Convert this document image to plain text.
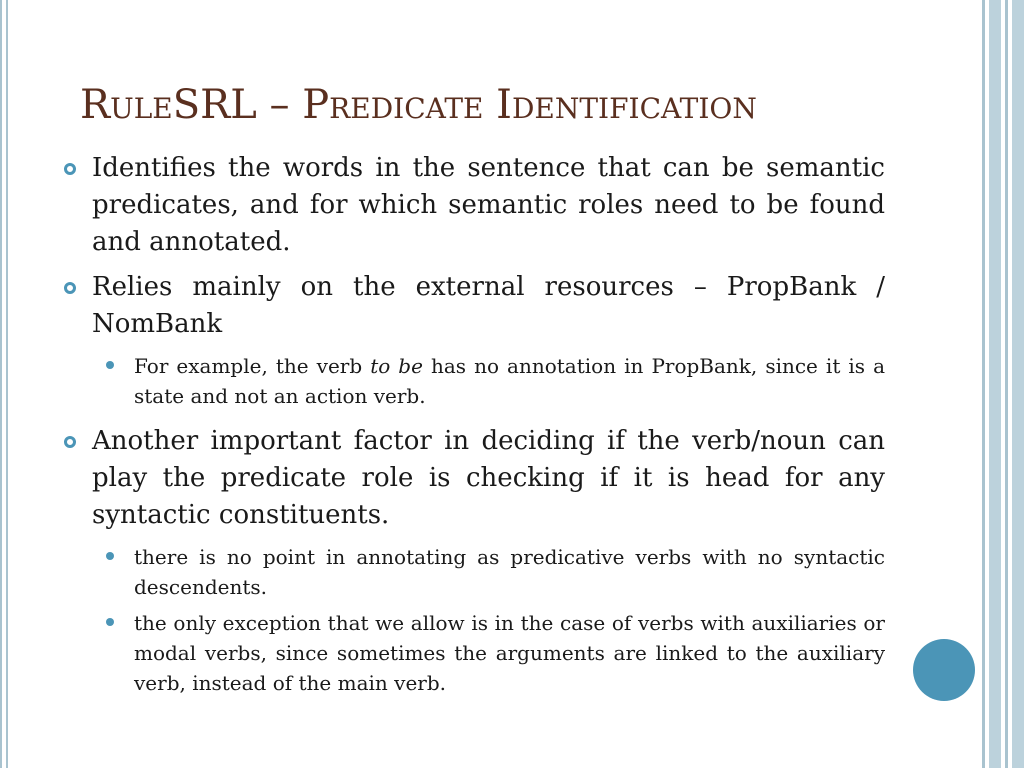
RuleSRL – Predicate Identification
Identifies the words in the sentence that can be semantic predicates, and for which semantic roles need to be found and annotated.
Relies mainly on the external resources – PropBank / NomBank
For example, the verb to be has no annotation in PropBank, since it is a state and not an action verb.
Another important factor in deciding if the verb/noun can play the predicate role is checking if it is head for any syntactic constituents.
there is no point in annotating as predicative verbs with no syntactic descendents.
the only exception that we allow is in the case of verbs with auxiliaries or modal verbs, since sometimes the arguments are linked to the auxiliary verb, instead of the main verb.
